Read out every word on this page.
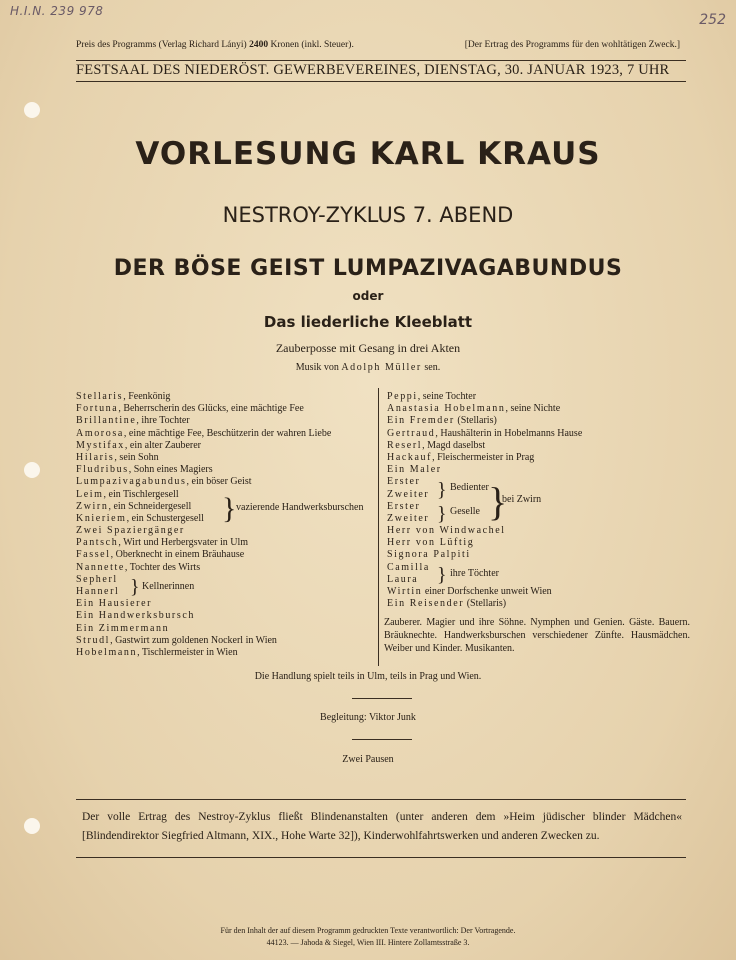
H.I.N. 239 978
252
Preis des Programms (Verlag Richard Lányi) 2400 Kronen (inkl. Steuer).	[Der Ertrag des Programms für den wohltätigen Zweck.]
FESTSAAL DES NIEDERÖST. GEWERBEVEREINES, DIENSTAG, 30. JANUAR 1923, 7 UHR
VORLESUNG KARL KRAUS
NESTROY-ZYKLUS 7. ABEND
DER BÖSE GEIST LUMPAZIVAGABUNDUS
oder
Das liederliche Kleeblatt
Zauberposse mit Gesang in drei Akten
Musik von Adolph Müller sen.
Stellaris, Feenkönig
Fortuna, Beherrscherin des Glücks, eine mächtige Fee
Brillantine, ihre Tochter
Amorosa, eine mächtige Fee, Beschützerin der wahren Liebe
Mystifax, ein alter Zauberer
Hilaris, sein Sohn
Fludribus, Sohn eines Magiers
Lumpazivagabundus, ein böser Geist
Leim, ein Tischlergesell
Zwirn, ein Schneidergesell
Knieriem, ein Schustergesell
Zwei Spaziergänger
Pantsch, Wirt und Herbergsvater in Ulm
Fassel, Oberknecht in einem Bräuhause
Nannette, Tochter des Wirts
Sepherl
Hannerl
Ein Hausierer
Ein Handwerksbursch
Ein Zimmermann
Strudl, Gastwirt zum goldenen Nockerl in Wien
Hobelmann, Tischlermeister in Wien
} vazierende Handwerksburschen
} Kellnerinnen
Peppi, seine Tochter
Anastasia Hobelmann, seine Nichte
Ein Fremder (Stellaris)
Gertraud, Haushälterin in Hobelmanns Hause
Reserl, Magd daselbst
Hackauf, Fleischermeister in Prag
Ein Maler
Erster
Zweiter
Erster
Zweiter
Herr von Windwachel
Herr von Lüftig
Signora Palpiti
Camilla
Laura
Wirtin einer Dorfschenke unweit Wien
Ein Reisender (Stellaris)
} Bedienter
} Geselle }
bei Zwirn
} ihre Töchter
Zauberer. Magier und ihre Söhne. Nymphen und Genien. Gäste. Bauern. Bräuknechte. Handwerksburschen verschiedener Zünfte. Hausmädchen. Weiber und Kinder. Musikanten.
Die Handlung spielt teils in Ulm, teils in Prag und Wien.
Begleitung: Viktor Junk
Zwei Pausen
Der volle Ertrag des Nestroy-Zyklus fließt Blindenanstalten (unter anderen dem »Heim jüdischer blinder Mädchen« [Blindendirektor Siegfried Altmann, XIX., Hohe Warte 32]), Kinderwohlfahrtswerken und anderen Zwecken zu.
Für den Inhalt der auf diesem Programm gedruckten Texte verantwortlich: Der Vortragende.
44123. — Jahoda & Siegel, Wien III. Hintere Zollamtsstraße 3.
